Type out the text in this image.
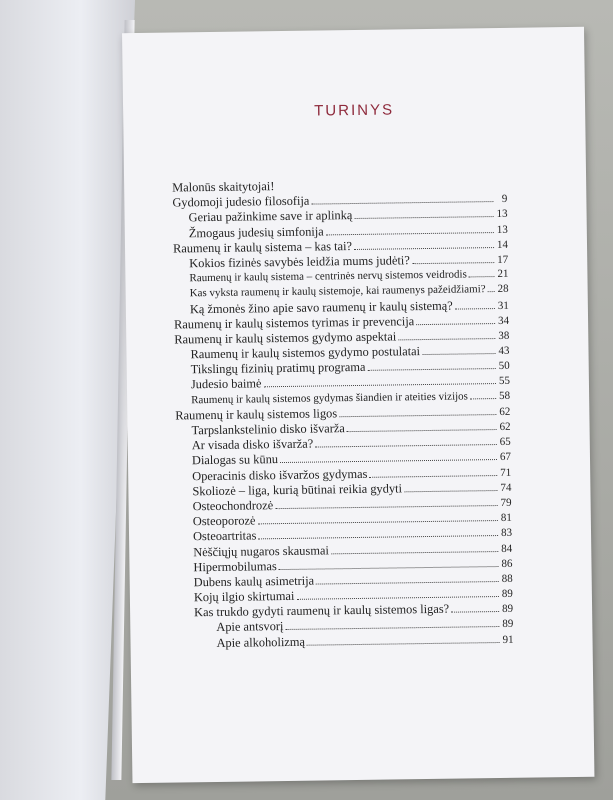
TURINYS
Malonūs skaitytojai!
Gydomoji judesio filosofija	9
Geriau pažinkime save ir aplinką	13
Žmogaus judesių simfonija	13
Raumenų ir kaulų sistema – kas tai?	14
Kokios fizinės savybės leidžia mums judėti?	17
Raumenų ir kaulų sistema – centrinės nervų sistemos veidrodis	21
Kas vyksta raumenų ir kaulų sistemoje, kai raumenys pažeidžiami? 28
Ką žmonės žino apie savo raumenų ir kaulų sistemą?	31
Raumenų ir kaulų sistemos tyrimas ir prevencija	34
Raumenų ir kaulų sistemos gydymo aspektai	38
Raumenų ir kaulų sistemos gydymo postulatai	43
Tikslingų fizinių pratimų programa	50
Judesio baimė	55
Raumenų ir kaulų sistemos gydymas šiandien ir ateities vizijos	58
Raumenų ir kaulų sistemos ligos	62
Tarpslankstelinio disko išvarža	62
Ar visada disko išvarža?	65
Dialogas su kūnu	67
Operacinis disko išvaržos gydymas	71
Skoliozė – liga, kurią būtinai reikia gydyti	74
Osteochondrozė	79
Osteoporozė	81
Osteoartritas	83
Nėščiųjų nugaros skausmai	84
Hipermobilumas	86
Dubens kaulų asimetrija	88
Kojų ilgio skirtumai	89
Kas trukdo gydyti raumenų ir kaulų sistemos ligas?	89
Apie antsvorį	89
Apie alkoholizmą	91
